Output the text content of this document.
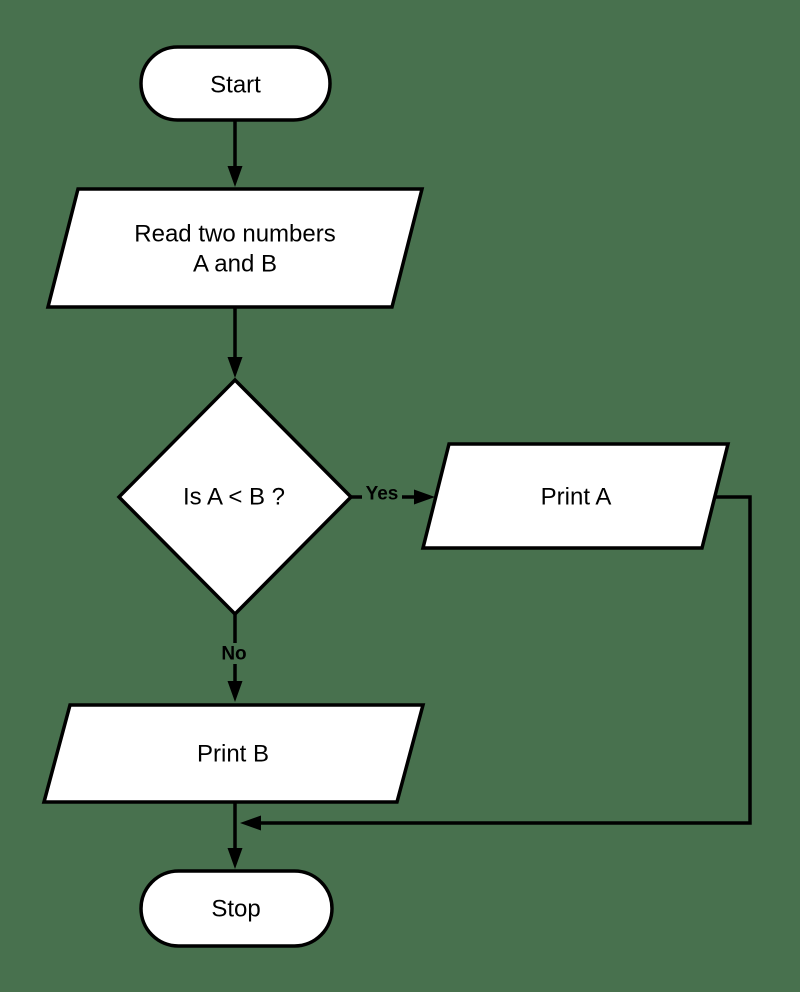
Yes
No
Start
Read two numbers
A and B
Is A < B ?	Print A
Print B
Stop
